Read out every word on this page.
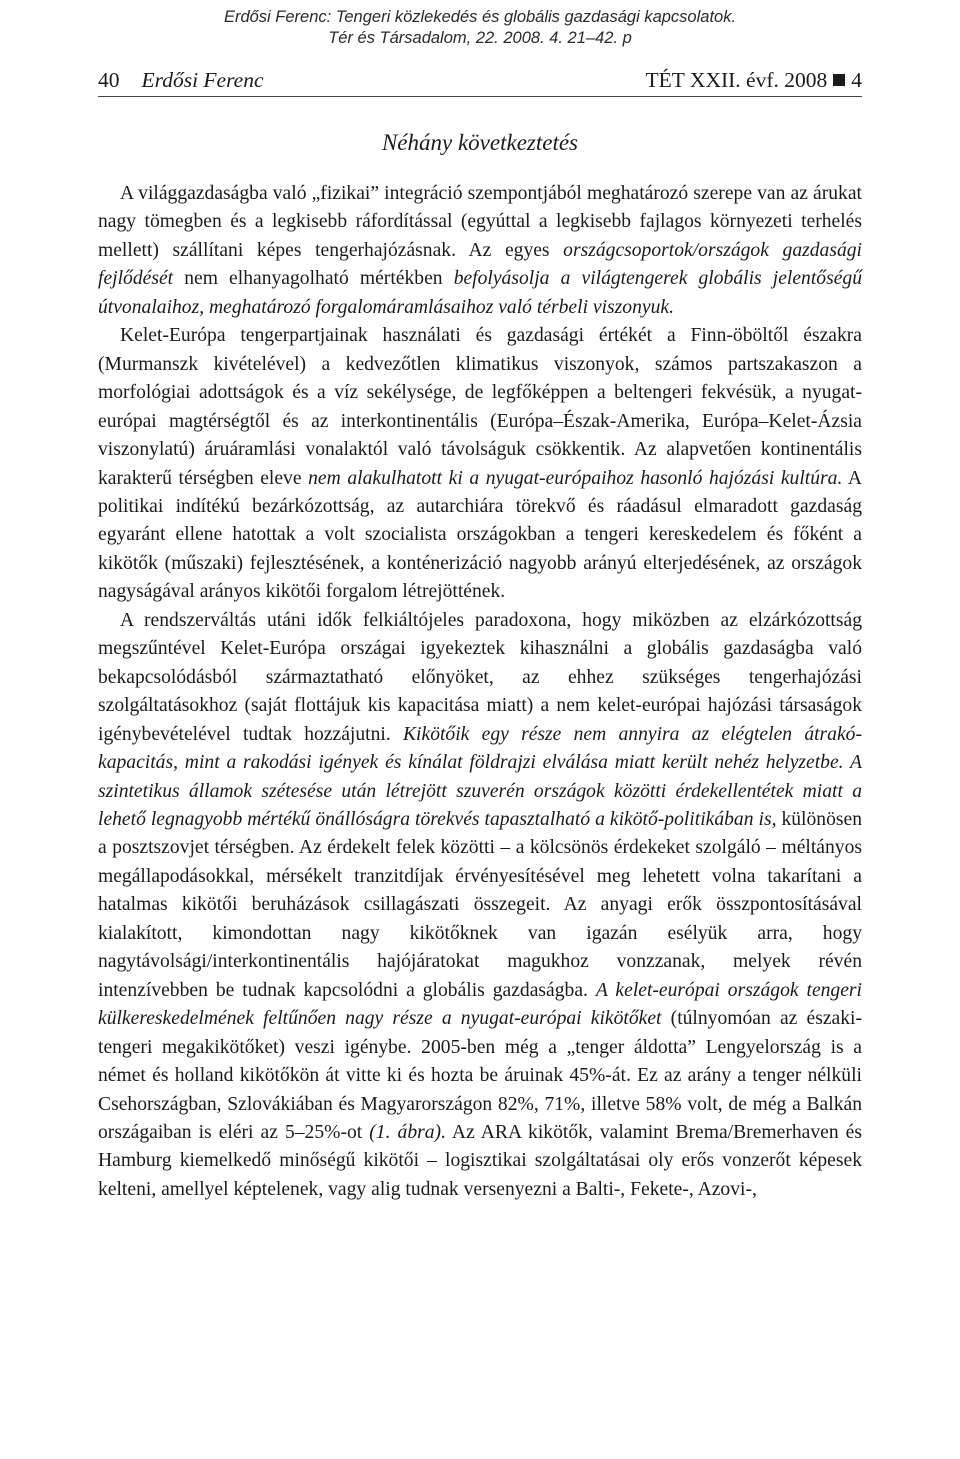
Erdősi Ferenc: Tengeri közlekedés és globális gazdasági kapcsolatok.
Tér és Társadalom, 22. 2008. 4. 21–42. p
40 Erdősi Ferenc	TÉT XXII. évf. 2008 4
Néhány következtetés

A világgazdaságba való „fizikai” integráció szempontjából meghatározó szerepe van az árukat nagy tömegben és a legkisebb ráfordítással (egyúttal a legkisebb fajlagos környezeti terhelés mellett) szállítani képes tengerhajózásnak. Az egyes országcsoportok/országok gazdasági fejlődését nem elhanyagolható mértékben befolyásolja a világtengerek globális jelentőségű útvonalaihoz, meghatározó forgalomáramlásaihoz való térbeli viszonyuk.

Kelet-Európa tengerpartjainak használati és gazdasági értékét a Finn-öböltől északra (Murmanszk kivételével) a kedvezőtlen klimatikus viszonyok, számos partszakaszon a morfológiai adottságok és a víz sekélysége, de legfőképpen a beltengeri fekvésük, a nyugat-európai magtérségtől és az interkontinentális (Európa–Észak-Amerika, Európa–Kelet-Ázsia viszonylatú) áruáramlási vonalaktól való távolságuk csökkentik. Az alapvetően kontinentális karakterű térségben eleve nem alakulhatott ki a nyugat-európaihoz hasonló hajózási kultúra. A politikai indítékú bezárkózottság, az autarchiára törekvő és ráadásul elmaradott gazdaság egyaránt ellene hatottak a volt szocialista országokban a tengeri kereskedelem és főként a kikötők (műszaki) fejlesztésének, a konténerizáció nagyobb arányú elterjedésének, az országok nagyságával arányos kikötői forgalom létrejöttének.

A rendszerváltás utáni idők felkiáltójeles paradoxona, hogy miközben az elzárkózottság megszűntével Kelet-Európa országai igyekeztek kihasználni a globális gazdaságba való bekapcsolódásból származtatható előnyöket, az ehhez szükséges tengerhajózási szolgáltatásokhoz (saját flottájuk kis kapacitása miatt) a nem kelet-európai hajózási társaságok igénybevételével tudtak hozzájutni. Kikötőik egy része nem annyira az elégtelen átrakó-kapacitás, mint a rakodási igények és kínálat földrajzi elválása miatt került nehéz helyzetbe. A szintetikus államok szétesése után létrejött szuverén országok közötti érdekellentétek miatt a lehető legnagyobb mértékű önállóságra törekvés tapasztalható a kikötő-politikában is, különösen a posztszovjet térségben. Az érdekelt felek közötti – a kölcsönös érdekeket szolgáló – méltányos megállapodásokkal, mérsékelt tranzitdíjak érvényesítésével meg lehetett volna takarítani a hatalmas kikötői beruházások csillagászati összegeit. Az anyagi erők összpontosításával kialakított, kimondottan nagy kikötőknek van igazán esélyük arra, hogy nagytávolsági/interkontinentális hajójáratokat magukhoz vonzzanak, melyek révén intenzívebben be tudnak kapcsolódni a globális gazdaságba. A kelet-európai országok tengeri külkereskedelmének feltűnően nagy része a nyugat-európai kikötőket (túlnyomóan az északi-tengeri megakikötőket) veszi igénybe. 2005-ben még a „tenger áldotta” Lengyelország is a német és holland kikötőkön át vitte ki és hozta be áruinak 45%-át. Ez az arány a tenger nélküli Csehországban, Szlovákiában és Magyarországon 82%, 71%, illetve 58% volt, de még a Balkán országaiban is eléri az 5–25%-ot (1. ábra). Az ARA kikötők, valamint Brema/Bremerhaven és Hamburg kiemelkedő minőségű kikötői – logisztikai szolgáltatásai oly erős vonzerőt képesek kelteni, amellyel képtelenek, vagy alig tudnak versenyezni a Balti-, Fekete-, Azovi-,
